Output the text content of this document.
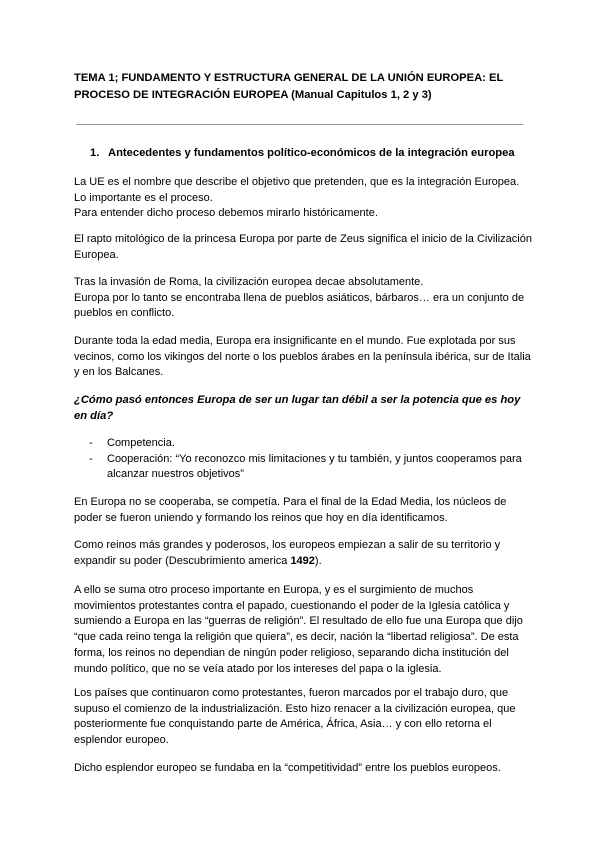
TEMA 1; FUNDAMENTO Y ESTRUCTURA GENERAL DE LA UNIÓN EUROPEA: EL PROCESO DE INTEGRACIÓN EUROPEA (Manual Capitulos 1, 2 y 3)
1. Antecedentes y fundamentos político-económicos de la integración europea

La UE es el nombre que describe el objetivo que pretenden, que es la integración Europea.

Lo importante es el proceso.

Para entender dicho proceso debemos mirarlo históricamente.

El rapto mitológico de la princesa Europa por parte de Zeus significa el inicio de la Civilización Europea.

Tras la invasión de Roma, la civilización europea decae absolutamente.

Europa por lo tanto se encontraba llena de pueblos asiáticos, bárbaros… era un conjunto de pueblos en conflicto.

Durante toda la edad media, Europa era insignificante en el mundo. Fue explotada por sus vecinos, como los vikingos del norte o los pueblos árabes en la península ibérica, sur de Italia y en los Balcanes.

¿Cómo pasó entonces Europa de ser un lugar tan débil a ser la potencia que es hoy en día?

- Competencia.
- Cooperación: “Yo reconozco mis limitaciones y tu también, y juntos cooperamos para alcanzar nuestros objetivos”

En Europa no se cooperaba, se competía. Para el final de la Edad Media, los núcleos de poder se fueron uniendo y formando los reinos que hoy en día identificamos.

Como reinos más grandes y poderosos, los europeos empiezan a salir de su territorio y expandir su poder (Descubrimiento america 1492).

A ello se suma otro proceso importante en Europa, y es el surgimiento de muchos movimientos protestantes contra el papado, cuestionando el poder de la Iglesia católica y sumiendo a Europa en las “guerras de religión”. El resultado de ello fue una Europa que dijo “que cada reino tenga la religión que quiera”, es decir, nación la “libertad religiosa”. De esta forma, los reinos no dependian de ningún poder religioso, separando dicha institución del mundo político, que no se veía atado por los intereses del papa o la iglesia.

Los países que continuaron como protestantes, fueron marcados por el trabajo duro, que supuso el comienzo de la industrialización. Esto hizo renacer a la civilización europea, que posteriormente fue conquistando parte de América, África, Asia… y con ello retorna el esplendor europeo.

Dicho esplendor europeo se fundaba en la “competitividad” entre los pueblos europeos.
